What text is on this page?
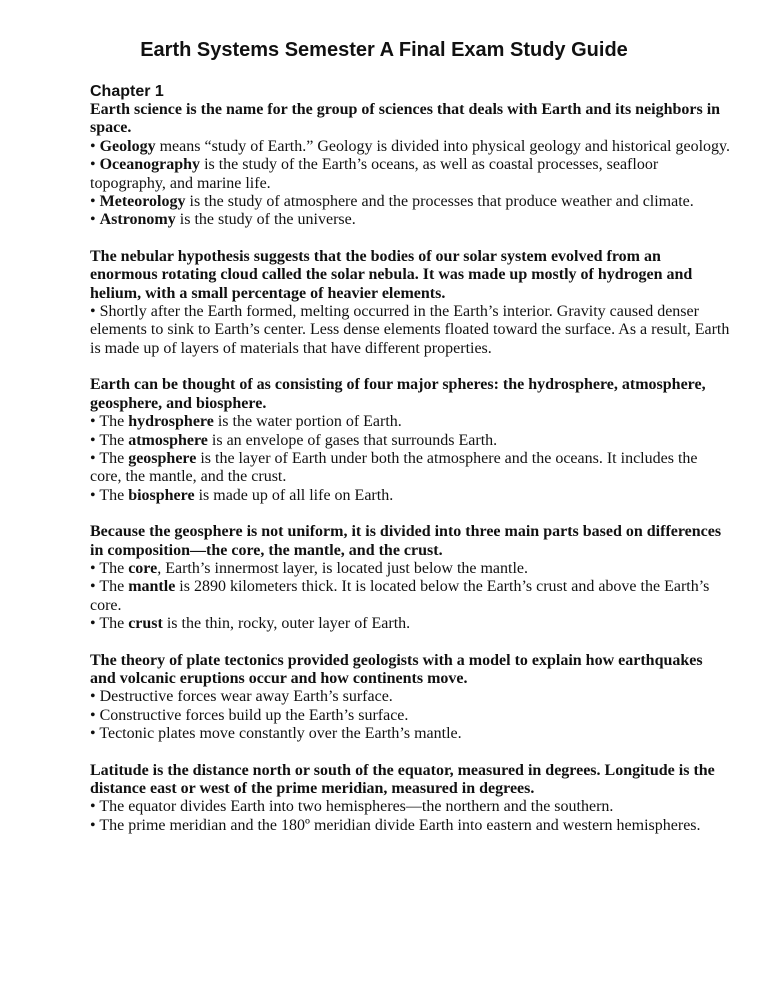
Earth Systems Semester A Final Exam Study Guide
Chapter 1

Earth science is the name for the group of sciences that deals with Earth and its neighbors in space.

• Geology means “study of Earth.” Geology is divided into physical geology and historical geology.

• Oceanography is the study of the Earth’s oceans, as well as coastal processes, seafloor topography, and marine life.

• Meteorology is the study of atmosphere and the processes that produce weather and climate.

• Astronomy is the study of the universe.

The nebular hypothesis suggests that the bodies of our solar system evolved from an enormous rotating cloud called the solar nebula. It was made up mostly of hydrogen and helium, with a small percentage of heavier elements.

• Shortly after the Earth formed, melting occurred in the Earth’s interior. Gravity caused denser elements to sink to Earth’s center. Less dense elements floated toward the surface. As a result, Earth is made up of layers of materials that have different properties.

Earth can be thought of as consisting of four major spheres: the hydrosphere, atmosphere, geosphere, and biosphere.

• The hydrosphere is the water portion of Earth.

• The atmosphere is an envelope of gases that surrounds Earth.

• The geosphere is the layer of Earth under both the atmosphere and the oceans. It includes the core, the mantle, and the crust.

• The biosphere is made up of all life on Earth.

Because the geosphere is not uniform, it is divided into three main parts based on differences in composition—the core, the mantle, and the crust.

• The core, Earth’s innermost layer, is located just below the mantle.

• The mantle is 2890 kilometers thick. It is located below the Earth’s crust and above the Earth’s core.

• The crust is the thin, rocky, outer layer of Earth.

The theory of plate tectonics provided geologists with a model to explain how earthquakes and volcanic eruptions occur and how continents move.

• Destructive forces wear away Earth’s surface.

• Constructive forces build up the Earth’s surface.

• Tectonic plates move constantly over the Earth’s mantle.

Latitude is the distance north or south of the equator, measured in degrees. Longitude is the distance east or west of the prime meridian, measured in degrees.

• The equator divides Earth into two hemispheres—the northern and the southern.

• The prime meridian and the 180º meridian divide Earth into eastern and western hemispheres.
